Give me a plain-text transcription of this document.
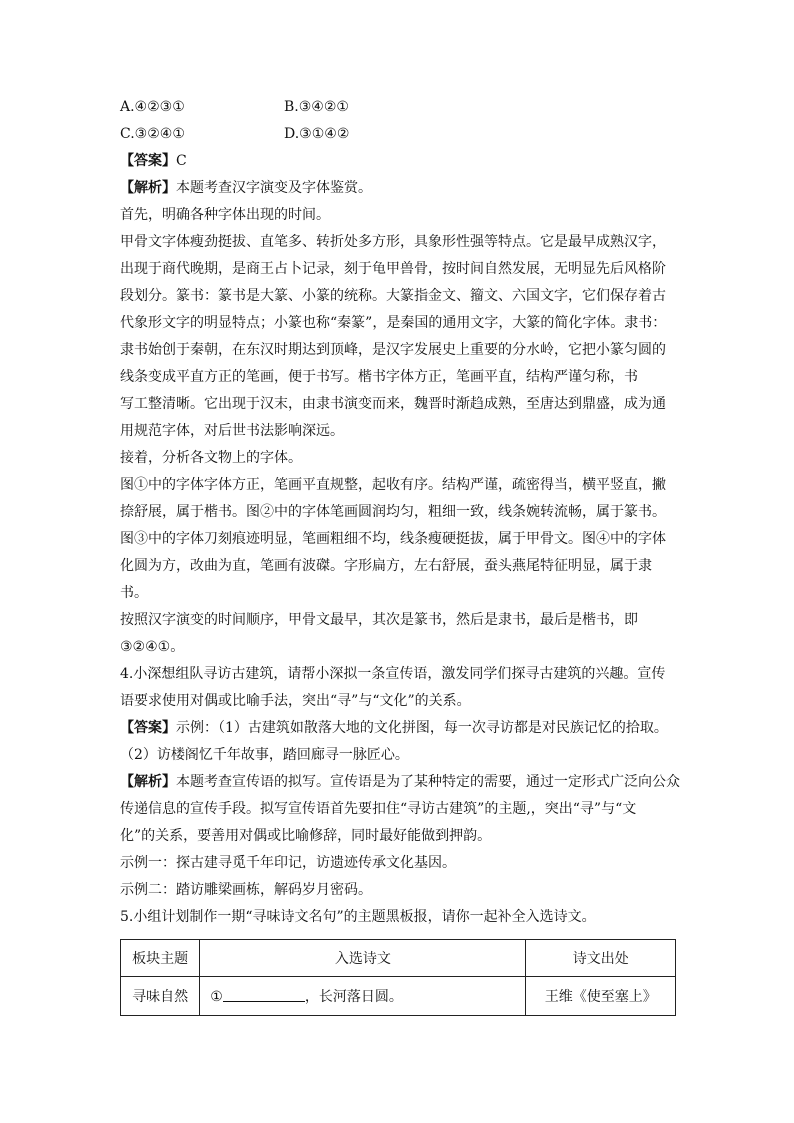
A.④②③①	B.③④②①
C.③②④①	D.③①④②
【答案】C
【解析】本题考查汉字演变及字体鉴赏。
首先，明确各种字体出现的时间。
甲骨文字体瘦劲挺拔、直笔多、转折处多方形，具象形性强等特点。它是最早成熟汉字，
出现于商代晚期，是商王占卜记录，刻于龟甲兽骨，按时间自然发展，无明显先后风格阶
段划分。篆书：篆书是大篆、小篆的统称。大篆指金文、籀文、六国文字，它们保存着古
代象形文字的明显特点；小篆也称“秦篆”，是秦国的通用文字，大篆的简化字体。隶书：
隶书始创于秦朝，在东汉时期达到顶峰，是汉字发展史上重要的分水岭，它把小篆匀圆的
线条变成平直方正的笔画，便于书写。楷书字体方正，笔画平直，结构严谨匀称，书
写工整清晰。它出现于汉末，由隶书演变而来，魏晋时渐趋成熟，至唐达到鼎盛，成为通
用规范字体，对后世书法影响深远。
接着，分析各文物上的字体。
图①中的字体字体方正，笔画平直规整，起收有序。结构严谨，疏密得当，横平竖直，撇
捺舒展，属于楷书。图②中的字体笔画圆润均匀，粗细一致，线条婉转流畅，属于篆书。
图③中的字体刀刻痕迹明显，笔画粗细不均，线条瘦硬挺拔，属于甲骨文。图④中的字体
化圆为方，改曲为直，笔画有波磔。字形扁方，左右舒展，蚕头燕尾特征明显，属于隶
书。
按照汉字演变的时间顺序，甲骨文最早，其次是篆书，然后是隶书，最后是楷书，即
③②④①。
4.小深想组队寻访古建筑，请帮小深拟一条宣传语，激发同学们探寻古建筑的兴趣。宣传
语要求使用对偶或比喻手法，突出“寻”与“文化”的关系。
【答案】示例：（1）古建筑如散落大地的文化拼图，每一次寻访都是对民族记忆的拾取。
（2）访楼阁忆千年故事，踏回廊寻一脉匠心。
【解析】本题考查宣传语的拟写。宣传语是为了某种特定的需要，通过一定形式广泛向公众
传递信息的宣传手段。拟写宣传语首先要扣住“寻访古建筑”的主题,，突出“寻”与“文
化”的关系，要善用对偶或比喻修辞，同时最好能做到押韵。
示例一：探古建寻觅千年印记，访遗迹传承文化基因。
示例二：踏访雕梁画栋，解码岁月密码。
5.小组计划制作一期“寻味诗文名句”的主题黑板报，请你一起补全入选诗文。
板块主题	入选诗文	诗文出处
寻味自然	① ，长河落日圆。	王维《使至塞上》
